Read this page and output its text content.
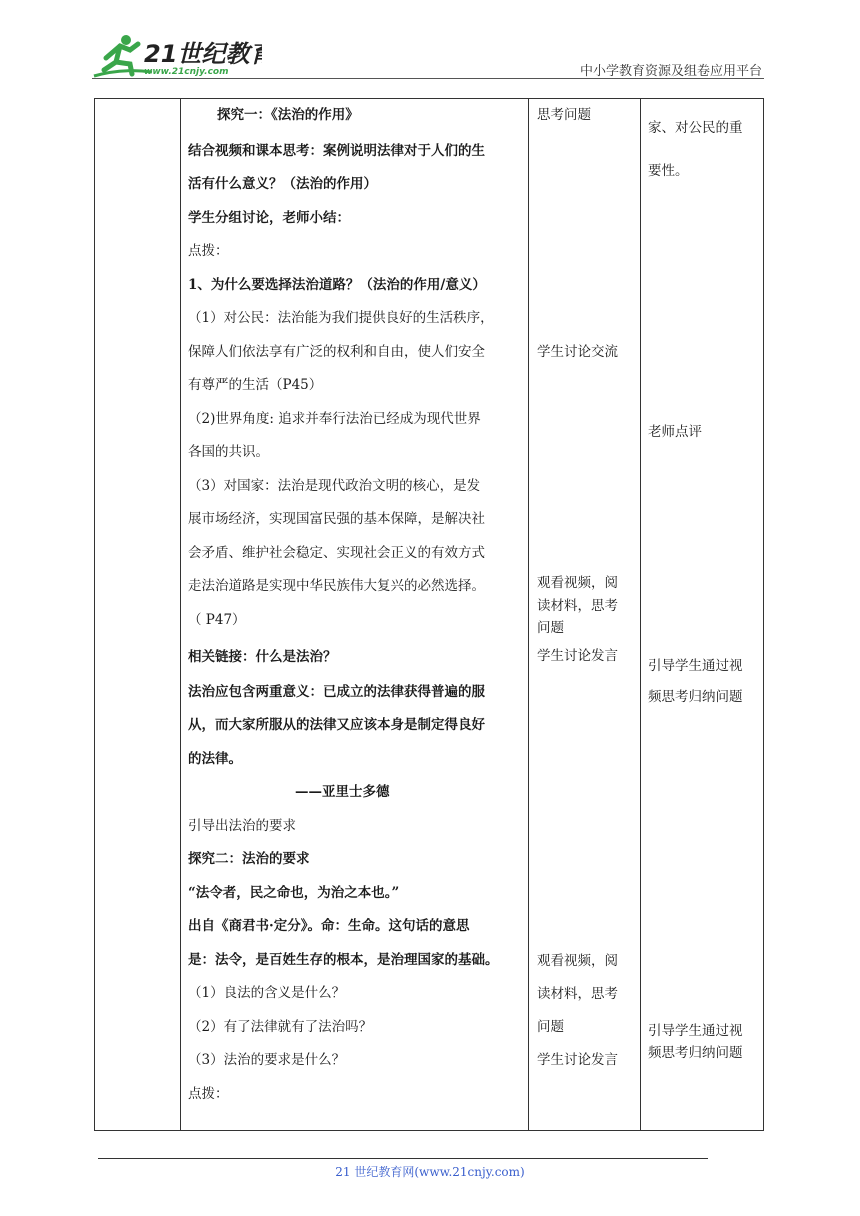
21世纪教育
www.21cnjy.com	中小学教育资源及组卷应用平台
探究一：《法治的作用》
结合视频和课本思考：案例说明法律对于人们的生
活有什么意义？（法治的作用）
学生分组讨论，老师小结：
点拨：
1、为什么要选择法治道路？（法治的作用/意义）
（1）对公民：法治能为我们提供良好的生活秩序，
保障人们依法享有广泛的权利和自由，使人们安全
有尊严的生活（P45）
（2)世界角度: 追求并奉行法治已经成为现代世界
各国的共识。
（3）对国家：法治是现代政治文明的核心，是发
展市场经济，实现国富民强的基本保障，是解决社
会矛盾、维护社会稳定、实现社会正义的有效方式
走法治道路是实现中华民族伟大复兴的必然选择。
（ P47）
相关链接：什么是法治？
法治应包含两重意义：已成立的法律获得普遍的服
从，而大家所服从的法律又应该本身是制定得良好
的法律。
——亚里士多德
引导出法治的要求
探究二：法治的要求
“法令者，民之命也，为治之本也。”
出自《商君书·定分》。命：生命。这句话的意思
是：法令，是百姓生存的根本，是治理国家的基础。
（1）良法的含义是什么？
（2）有了法律就有了法治吗？
（3）法治的要求是什么？
点拨：
思考问题
学生讨论交流
观看视频，阅
读材料，思考
问题
学生讨论发言
观看视频，阅
读材料，思考
问题
学生讨论发言
家、对公民的重
要性。
老师点评
引导学生通过视
频思考归纳问题
引导学生通过视
频思考归纳问题
21 世纪教育网(www.21cnjy.com)
